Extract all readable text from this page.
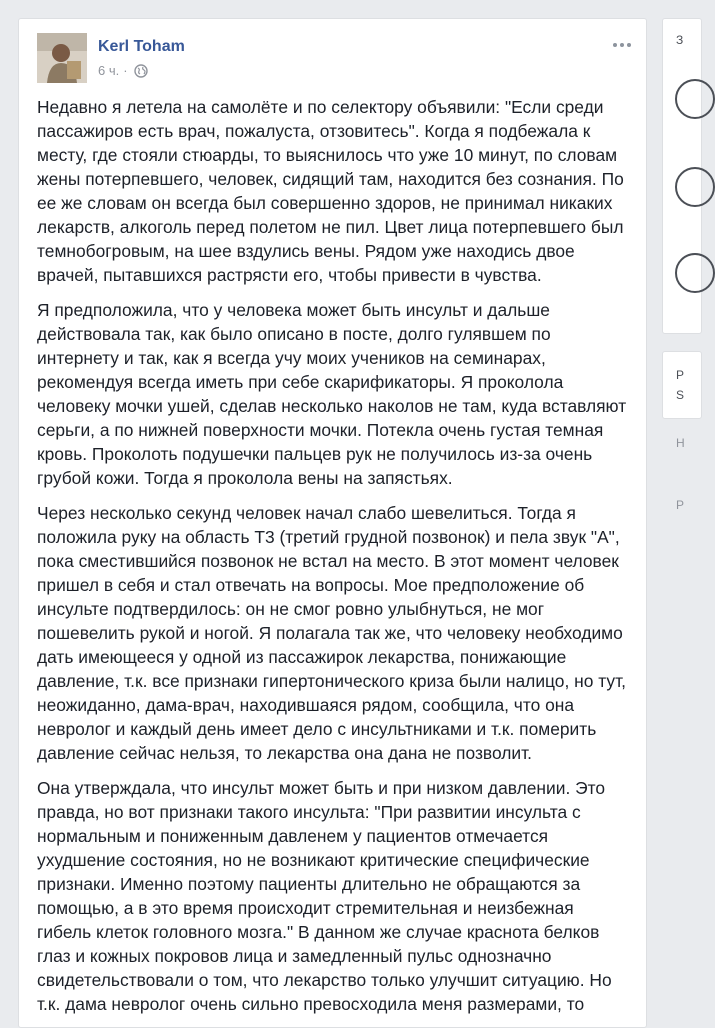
Kerl Toham
6 ч. ·

Недавно я летела на самолёте и по селектору объявили: "Если среди пассажиров есть врач, пожалуста, отзовитесь". Когда я подбежала к месту, где стояли стюарды, то выяснилось что уже 10 минут, по словам жены потерпевшего, человек, сидящий там, находится без сознания. По ее же словам он всегда был совершенно здоров, не принимал никаких лекарств, алкоголь перед полетом не пил. Цвет лица потерпевшего был темнобогровым, на шее вздулись вены. Рядом уже находись двое врачей, пытавшихся растрясти его, чтобы привести в чувства.

Я предположила, что у человека может быть инсульт и дальше действовала так, как было описано в посте, долго гулявшем по интернету и так, как я всегда учу моих учеников на семинарах, рекомендуя всегда иметь при себе скарификаторы. Я проколола человеку мочки ушей, сделав несколько наколов не там, куда вставляют серьги, а по нижней поверхности мочки. Потекла очень густая темная кровь. Проколоть подушечки пальцев рук не получилось из-за очень грубой кожи. Тогда я проколола вены на запястьях.

Через несколько секунд человек начал слабо шевелиться. Тогда я положила руку на область Т3 (третий грудной позвонок) и пела звук "А", пока сместившийся позвонок не встал на место. В этот момент человек пришел в себя и стал отвечать на вопросы. Мое предположение об инсульте подтвердилось: он не смог ровно улыбнуться, не мог пошевелить рукой и ногой. Я полагала так же, что человеку необходимо дать имеющееся у одной из пассажирок лекарства, понижающие давление, т.к. все признаки гипертонического криза были налицо, но тут, неожиданно, дама-врач, находившаяся рядом, сообщила, что она невролог и каждый день имеет дело с инсультниками и т.к. померить давление сейчас нельзя, то лекарства она дана не позволит.

Она утверждала, что инсульт может быть и при низком давлении. Это правда, но вот признаки такого инсульта: "При развитии инсульта с нормальным и пониженным давленем у пациентов отмечается ухудшение состояния, но не возникают критические специфические признаки. Именно поэтому пациенты длительно не обращаются за помощью, а в это время происходит стремительная и неизбежная гибель клеток головного мозга." В данном же случае краснота белков глаз и кожных покровов лица и замедленный пульс однозначно свидетельствовали о том, что лекарство только улучшит ситуацию. Но т.к. дама невролог очень сильно превосходила меня размерами, то

З
Р
S
Н
Р
